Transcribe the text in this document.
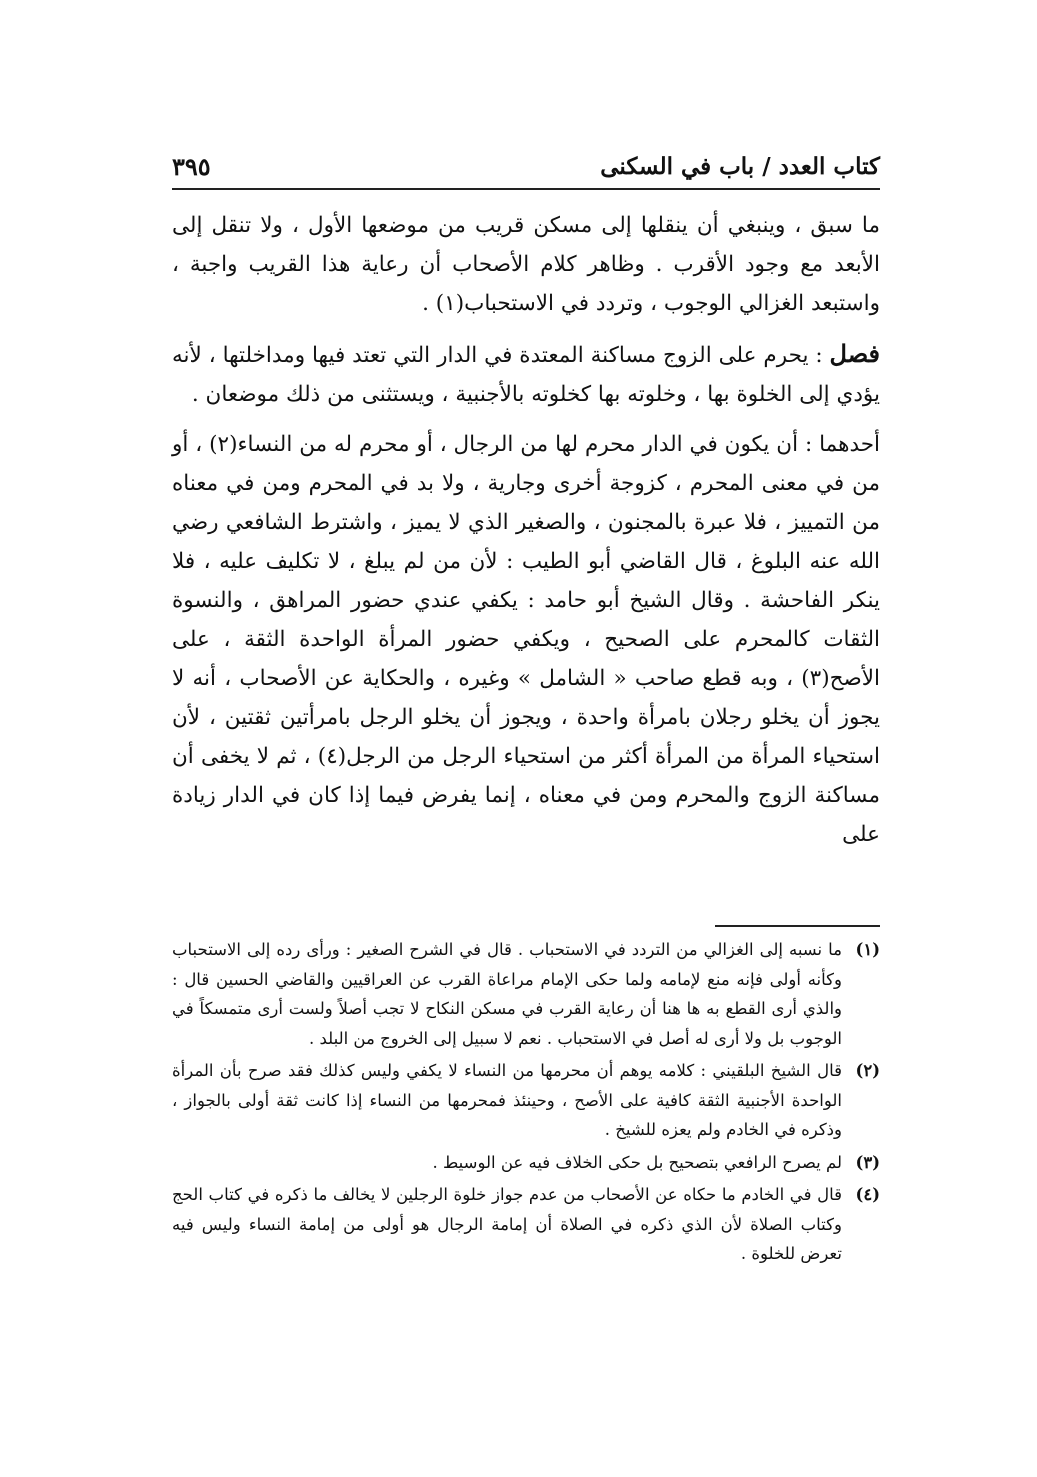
كتاب العدد / باب في السكنى
٣٩٥

ما سبق ، وينبغي أن ينقلها إلى مسكن قريب من موضعها الأول ، ولا تنقل إلى الأبعد مع وجود الأقرب . وظاهر كلام الأصحاب أن رعاية هذا القريب واجبة ، واستبعد الغزالي الوجوب ، وتردد في الاستحباب(١) .

فصل : يحرم على الزوج مساكنة المعتدة في الدار التي تعتد فيها ومداخلتها ، لأنه يؤدي إلى الخلوة بها ، وخلوته بها كخلوته بالأجنبية ، ويستثنى من ذلك موضعان .

أحدهما : أن يكون في الدار محرم لها من الرجال ، أو محرم له من النساء(٢) ، أو من في معنى المحرم ، كزوجة أخرى وجارية ، ولا بد في المحرم ومن في معناه من التمييز ، فلا عبرة بالمجنون ، والصغير الذي لا يميز ، واشترط الشافعي رضي الله عنه البلوغ ، قال القاضي أبو الطيب : لأن من لم يبلغ ، لا تكليف عليه ، فلا ينكر الفاحشة . وقال الشيخ أبو حامد : يكفي عندي حضور المراهق ، والنسوة الثقات كالمحرم على الصحيح ، ويكفي حضور المرأة الواحدة الثقة ، على الأصح(٣) ، وبه قطع صاحب « الشامل » وغيره ، والحكاية عن الأصحاب ، أنه لا يجوز أن يخلو رجلان بامرأة واحدة ، ويجوز أن يخلو الرجل بامرأتين ثقتين ، لأن استحياء المرأة من المرأة أكثر من استحياء الرجل من الرجل(٤) ، ثم لا يخفى أن مساكنة الزوج والمحرم ومن في معناه ، إنما يفرض فيما إذا كان في الدار زيادة على

(١)
ما نسبه إلى الغزالي من التردد في الاستحباب . قال في الشرح الصغير : ورأى رده إلى الاستحباب وكأنه أولى فإنه منع لإمامه ولما حكى الإمام مراعاة القرب عن العراقيين والقاضي الحسين قال : والذي أرى القطع به ها هنا أن رعاية القرب في مسكن النكاح لا تجب أصلاً ولست أرى متمسكاً في الوجوب بل ولا أرى له أصل في الاستحباب . نعم لا سبيل إلى الخروج من البلد .
(٢)
قال الشيخ البلقيني : كلامه يوهم أن محرمها من النساء لا يكفي وليس كذلك فقد صرح بأن المرأة الواحدة الأجنبية الثقة كافية على الأصح ، وحينئذ فمحرمها من النساء إذا كانت ثقة أولى بالجواز ، وذكره في الخادم ولم يعزه للشيخ .
(٣)
لم يصرح الرافعي بتصحيح بل حكى الخلاف فيه عن الوسيط .
(٤)
قال في الخادم ما حكاه عن الأصحاب من عدم جواز خلوة الرجلين لا يخالف ما ذكره في كتاب الحج وكتاب الصلاة لأن الذي ذكره في الصلاة أن إمامة الرجال هو أولى من إمامة النساء وليس فيه تعرض للخلوة .
